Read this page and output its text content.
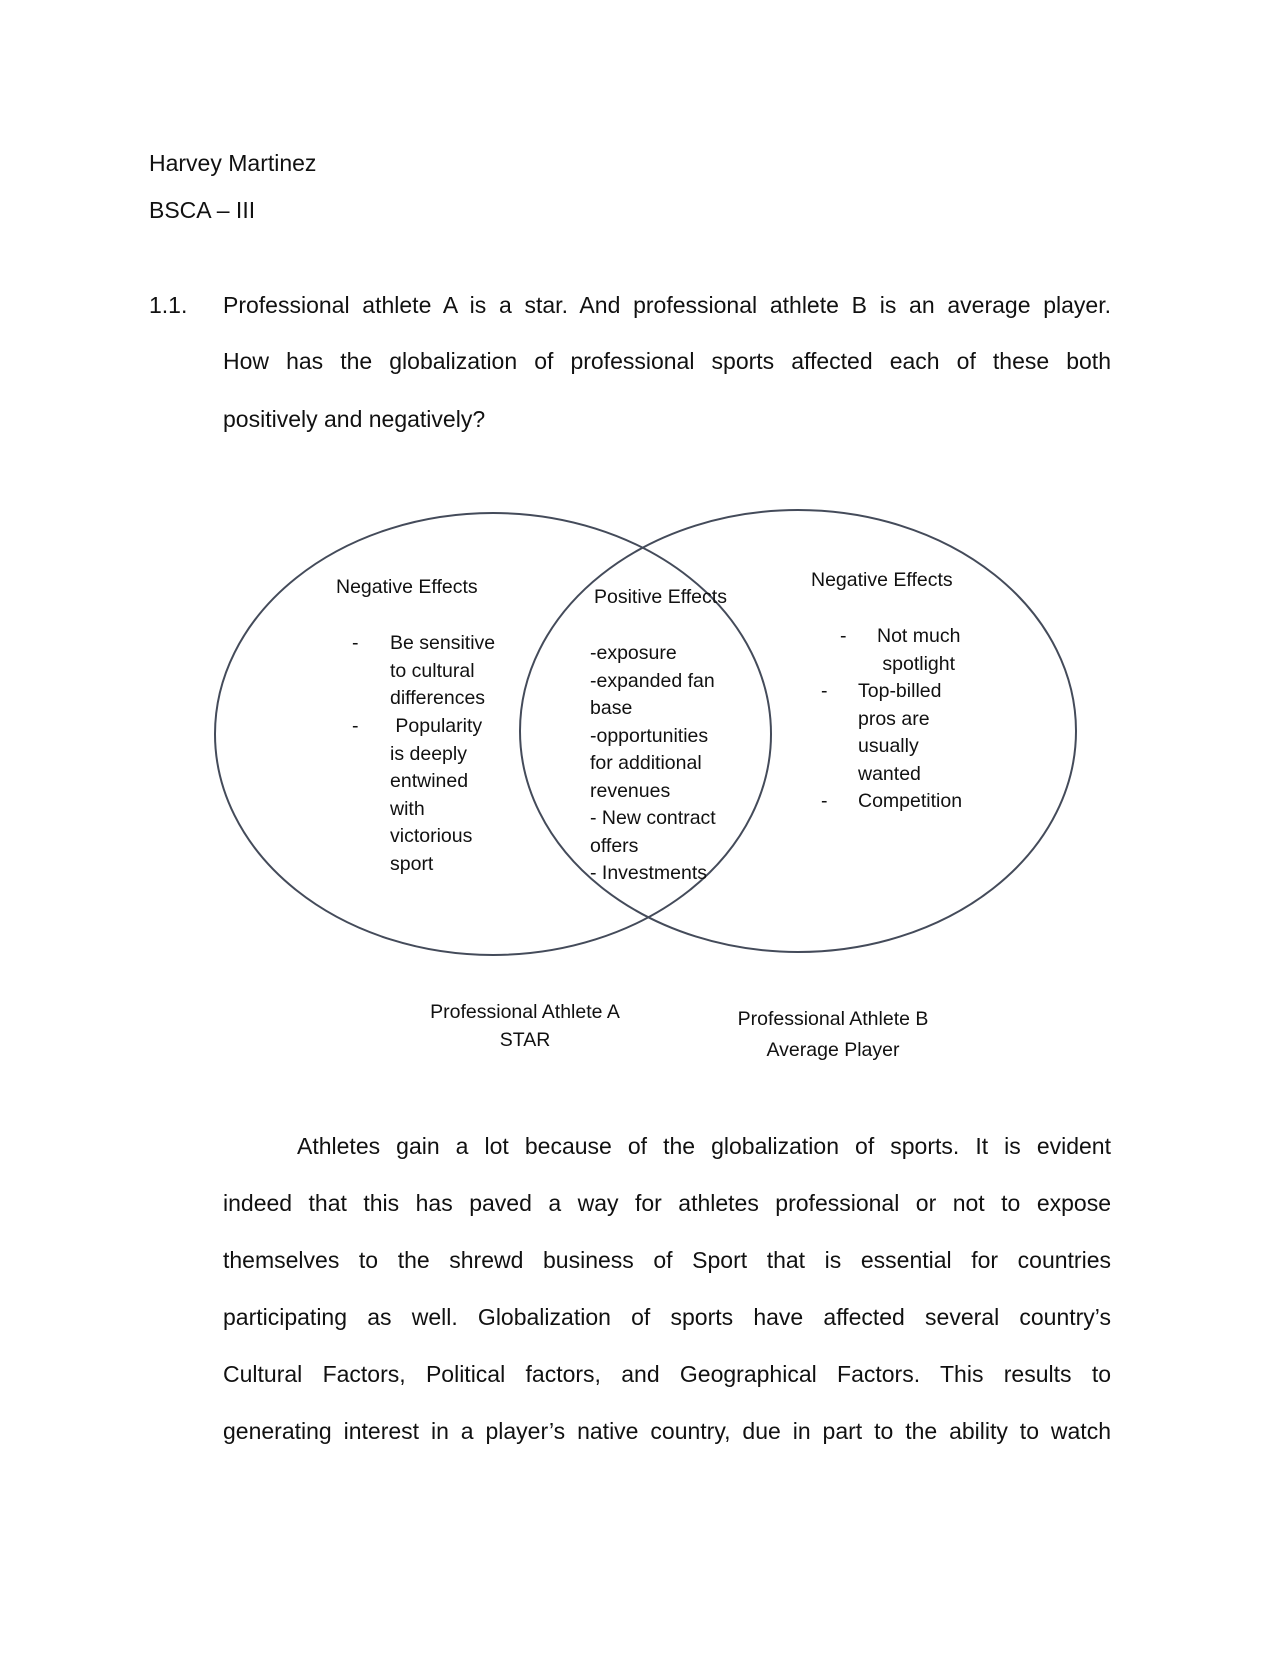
Harvey Martinez
BSCA – III
1.1. Professional athlete A is a star. And professional athlete B is an average player.
How has the globalization of professional sports affected each of these both
positively and negatively?
Negative Effects
- Be sensitive
to cultural
differences
- Popularity
is deeply
entwined
with
victorious
sport
Positive Effects
-exposure
-expanded fan
base
-opportunities
for additional
revenues
- New contract
offers
- Investments
Negative Effects
- Not much
spotlight
- Top-billed
pros are
usually
wanted
- Competition
Professional Athlete A
STAR
Professional Athlete B
Average Player
Athletes gain a lot because of the globalization of sports. It is evident
indeed that this has paved a way for athletes professional or not to expose
themselves to the shrewd business of Sport that is essential for countries
participating as well. Globalization of sports have affected several country’s
Cultural Factors, Political factors, and Geographical Factors. This results to
generating interest in a player’s native country, due in part to the ability to watch
